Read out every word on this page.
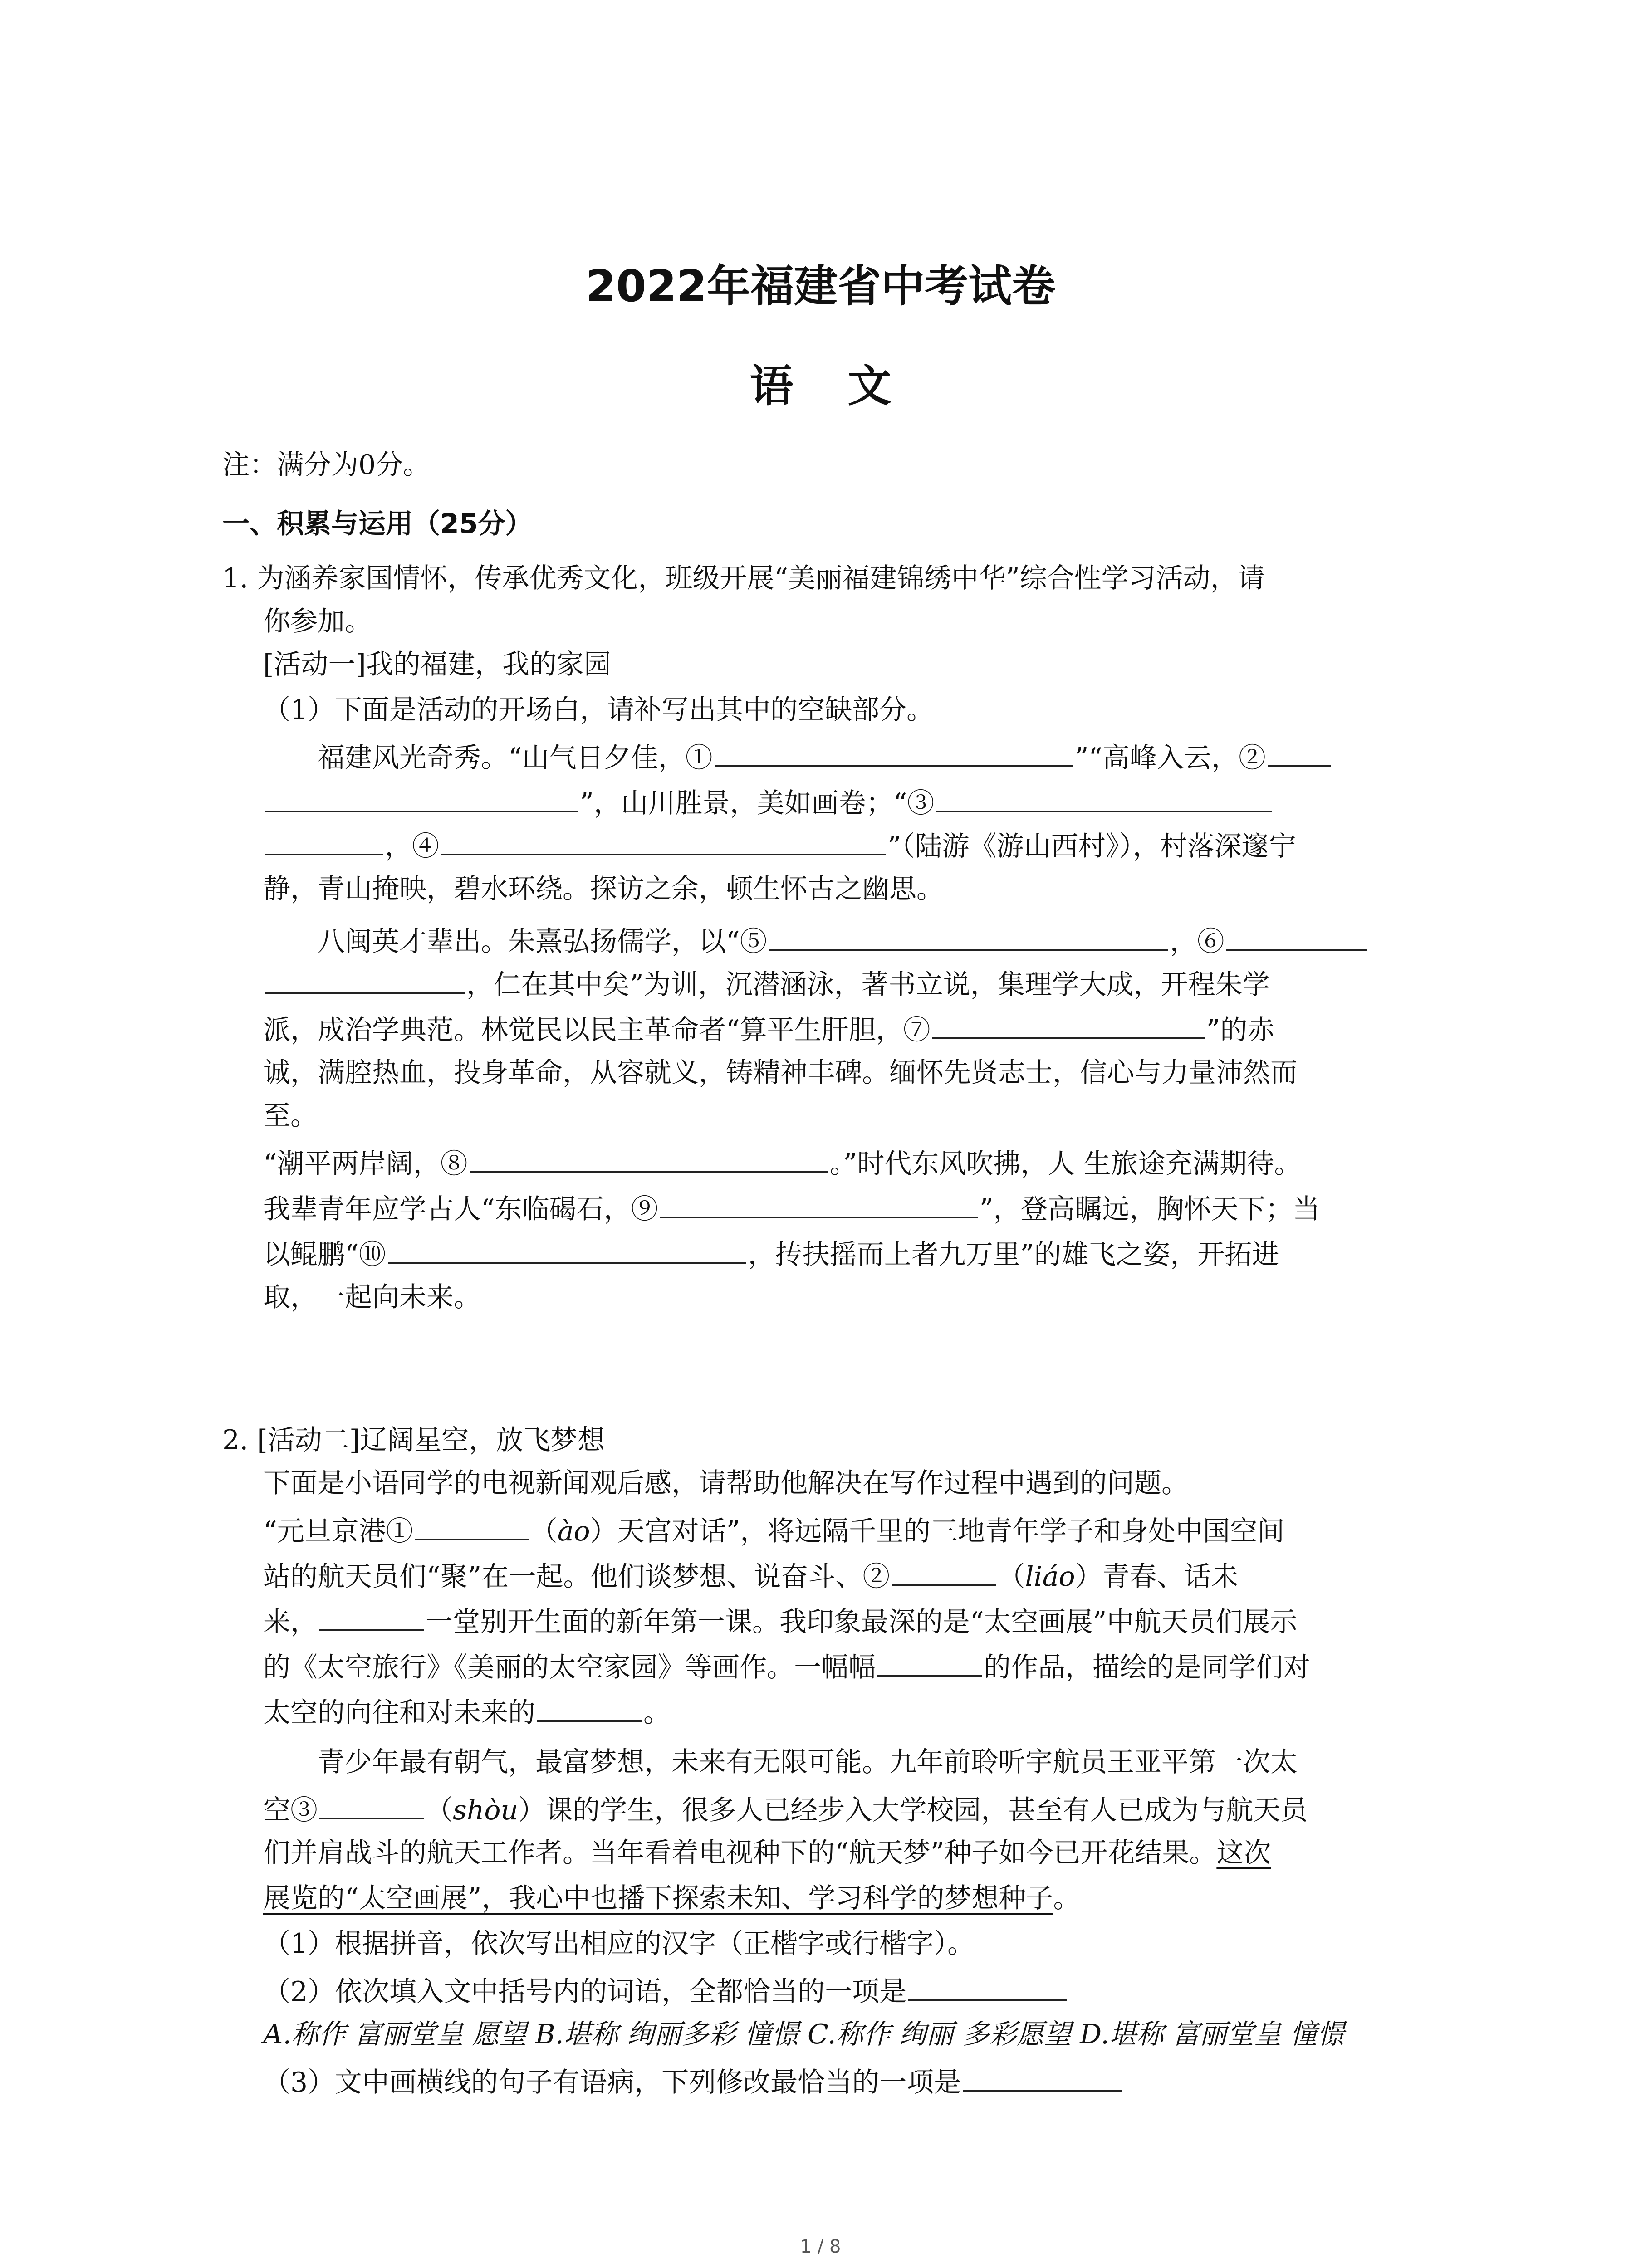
2022年福建省中考试卷
语文
注：满分为0分。
一、积累与运用（25分）
1. 为涵养家国情怀，传承优秀文化，班级开展“美丽福建锦绣中华”综合性学习活动，请
你参加。
[活动一]我的福建，我的家园
（1）下面是活动的开场白，请补写出其中的空缺部分。
福建风光奇秀。“山气日夕佳，①	”“高峰入云，②
”，山川胜景，美如画卷；“③
，④	”（陆游《游山西村》），村落深邃宁
静，青山掩映，碧水环绕。探访之余，顿生怀古之幽思。
八闽英才辈出。朱熹弘扬儒学，以“⑤	，⑥
，仁在其中矣”为训，沉潜涵泳，著书立说，集理学大成，开程朱学
派，成治学典范。林觉民以民主革命者“算平生肝胆，⑦	”的赤
诚，满腔热血，投身革命，从容就义，铸精神丰碑。缅怀先贤志士，信心与力量沛然而
至。
“潮平两岸阔，⑧	。”时代东风吹拂，人 生旅途充满期待。
我辈青年应学古人“东临碣石，⑨	”，登高瞩远，胸怀天下；当
以鲲鹏“⑩	，抟扶摇而上者九万里”的雄飞之姿，开拓进
取，一起向未来。
2. [活动二]辽阔星空，放飞梦想
下面是小语同学的电视新闻观后感，请帮助他解决在写作过程中遇到的问题。
“元旦京港①	（ào）天宫对话”，将远隔千里的三地青年学子和身处中国空间
站的航天员们“聚”在一起。他们谈梦想、说奋斗、②	（liáo）青春、话未
来，	一堂别开生面的新年第一课。我印象最深的是“太空画展”中航天员们展示
的《太空旅行》《美丽的太空家园》等画作。一幅幅	的作品，描绘的是同学们对
太空的向往和对未来的	。
青少年最有朝气，最富梦想，未来有无限可能。九年前聆听宇航员王亚平第一次太
空③	（shòu）课的学生，很多人已经步入大学校园，甚至有人已成为与航天员
们并肩战斗的航天工作者。当年看着电视种下的“航天梦”种子如今已开花结果。这次
展览的“太空画展”，我心中也播下探索未知、学习科学的梦想种子。
（1）根据拼音，依次写出相应的汉字（正楷字或行楷字）。
（2）依次填入文中括号内的词语，全都恰当的一项是
A.称作 富丽堂皇 愿望 B.堪称 绚丽多彩 憧憬 C.称作 绚丽 多彩愿望 D.堪称 富丽堂皇 憧憬
（3）文中画横线的句子有语病，下列修改最恰当的一项是
1 / 8
